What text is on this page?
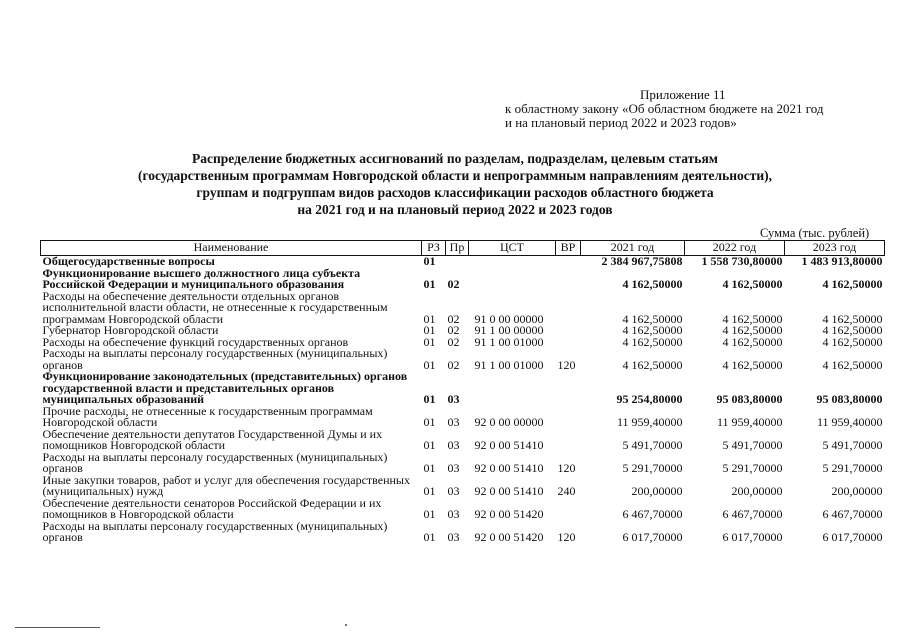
Приложение 11
к областному закону «Об областном бюджете на 2021 год
и на плановый период 2022 и 2023 годов»
Распределение бюджетных ассигнований по разделам, подразделам, целевым статьям
(государственным программам Новгородской области и непрограммным направлениям деятельности),
группам и подгруппам видов расходов классификации расходов областного бюджета
на 2021 год и на плановый период 2022 и 2023 годов
Сумма (тыс. рублей)
Наименование	РЗ	Пр	ЦСТ	ВР	2021 год	2022 год	2023 год
Общегосударственные вопросы	01				2 384 967,75808	1 558 730,80000	1 483 913,80000
Функционирование высшего должностного лица субъекта Российской Федерации и муниципального образования	01	02			4 162,50000	4 162,50000	4 162,50000
Расходы на обеспечение деятельности отдельных органов исполнительной власти области, не отнесенные к государственным программам Новгородской области	01	02	91 0 00 00000		4 162,50000	4 162,50000	4 162,50000
Губернатор Новгородской области	01	02	91 1 00 00000		4 162,50000	4 162,50000	4 162,50000
Расходы на обеспечение функций государственных органов	01	02	91 1 00 01000		4 162,50000	4 162,50000	4 162,50000
Расходы на выплаты персоналу государственных (муниципальных) органов	01	02	91 1 00 01000	120	4 162,50000	4 162,50000	4 162,50000
Функционирование законодательных (представительных) органов государственной власти и представительных органов муниципальных образований	01	03			95 254,80000	95 083,80000	95 083,80000
Прочие расходы, не отнесенные к государственным программам Новгородской области	01	03	92 0 00 00000		11 959,40000	11 959,40000	11 959,40000
Обеспечение деятельности депутатов Государственной Думы и их помощников Новгородской области	01	03	92 0 00 51410		5 491,70000	5 491,70000	5 491,70000
Расходы на выплаты персоналу государственных (муниципальных) органов	01	03	92 0 00 51410	120	5 291,70000	5 291,70000	5 291,70000
Иные закупки товаров, работ и услуг для обеспечения государственных (муниципальных) нужд	01	03	92 0 00 51410	240	200,00000	200,00000	200,00000
Обеспечение деятельности сенаторов Российской Федерации и их помощников в Новгородской области	01	03	92 0 00 51420		6 467,70000	6 467,70000	6 467,70000
Расходы на выплаты персоналу государственных (муниципальных) органов	01	03	92 0 00 51420	120	6 017,70000	6 017,70000	6 017,70000
